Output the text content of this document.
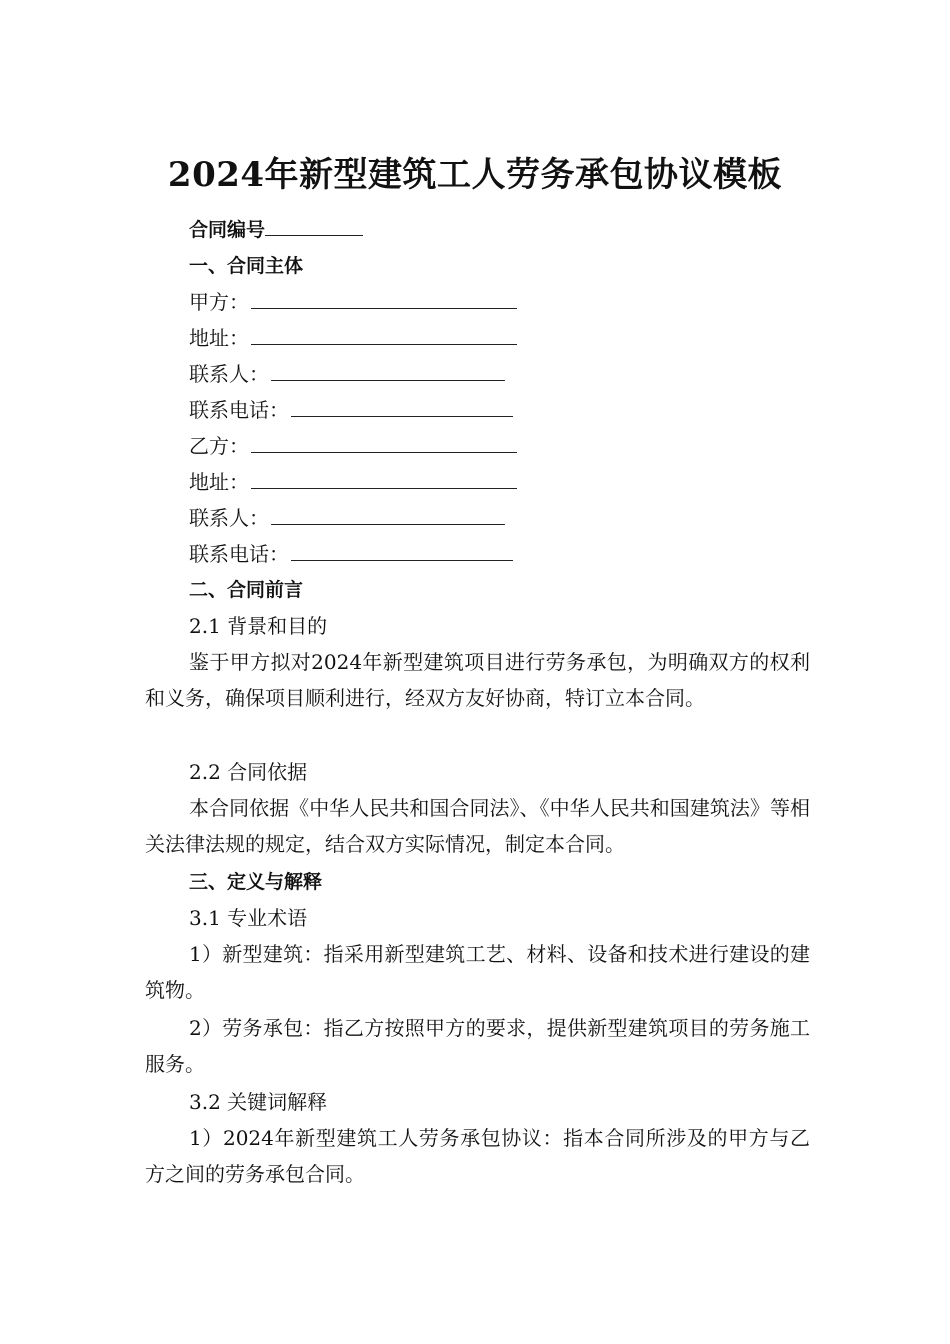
2024年新型建筑工人劳务承包协议模板
合同编号
一、合同主体
甲方：
地址：
联系人：
联系电话：
乙方：
地址：
联系人：
联系电话：
二、合同前言
2.1 背景和目的
鉴于甲方拟对2024年新型建筑项目进行劳务承包，为明确双方的权利和义务，确保项目顺利进行，经双方友好协商，特订立本合同。
2.2 合同依据
本合同依据《中华人民共和国合同法》、《中华人民共和国建筑法》等相关法律法规的规定，结合双方实际情况，制定本合同。
三、定义与解释
3.1 专业术语
1）新型建筑：指采用新型建筑工艺、材料、设备和技术进行建设的建筑物。
2）劳务承包：指乙方按照甲方的要求，提供新型建筑项目的劳务施工服务。
3.2 关键词解释
1）2024年新型建筑工人劳务承包协议：指本合同所涉及的甲方与乙方之间的劳务承包合同。
